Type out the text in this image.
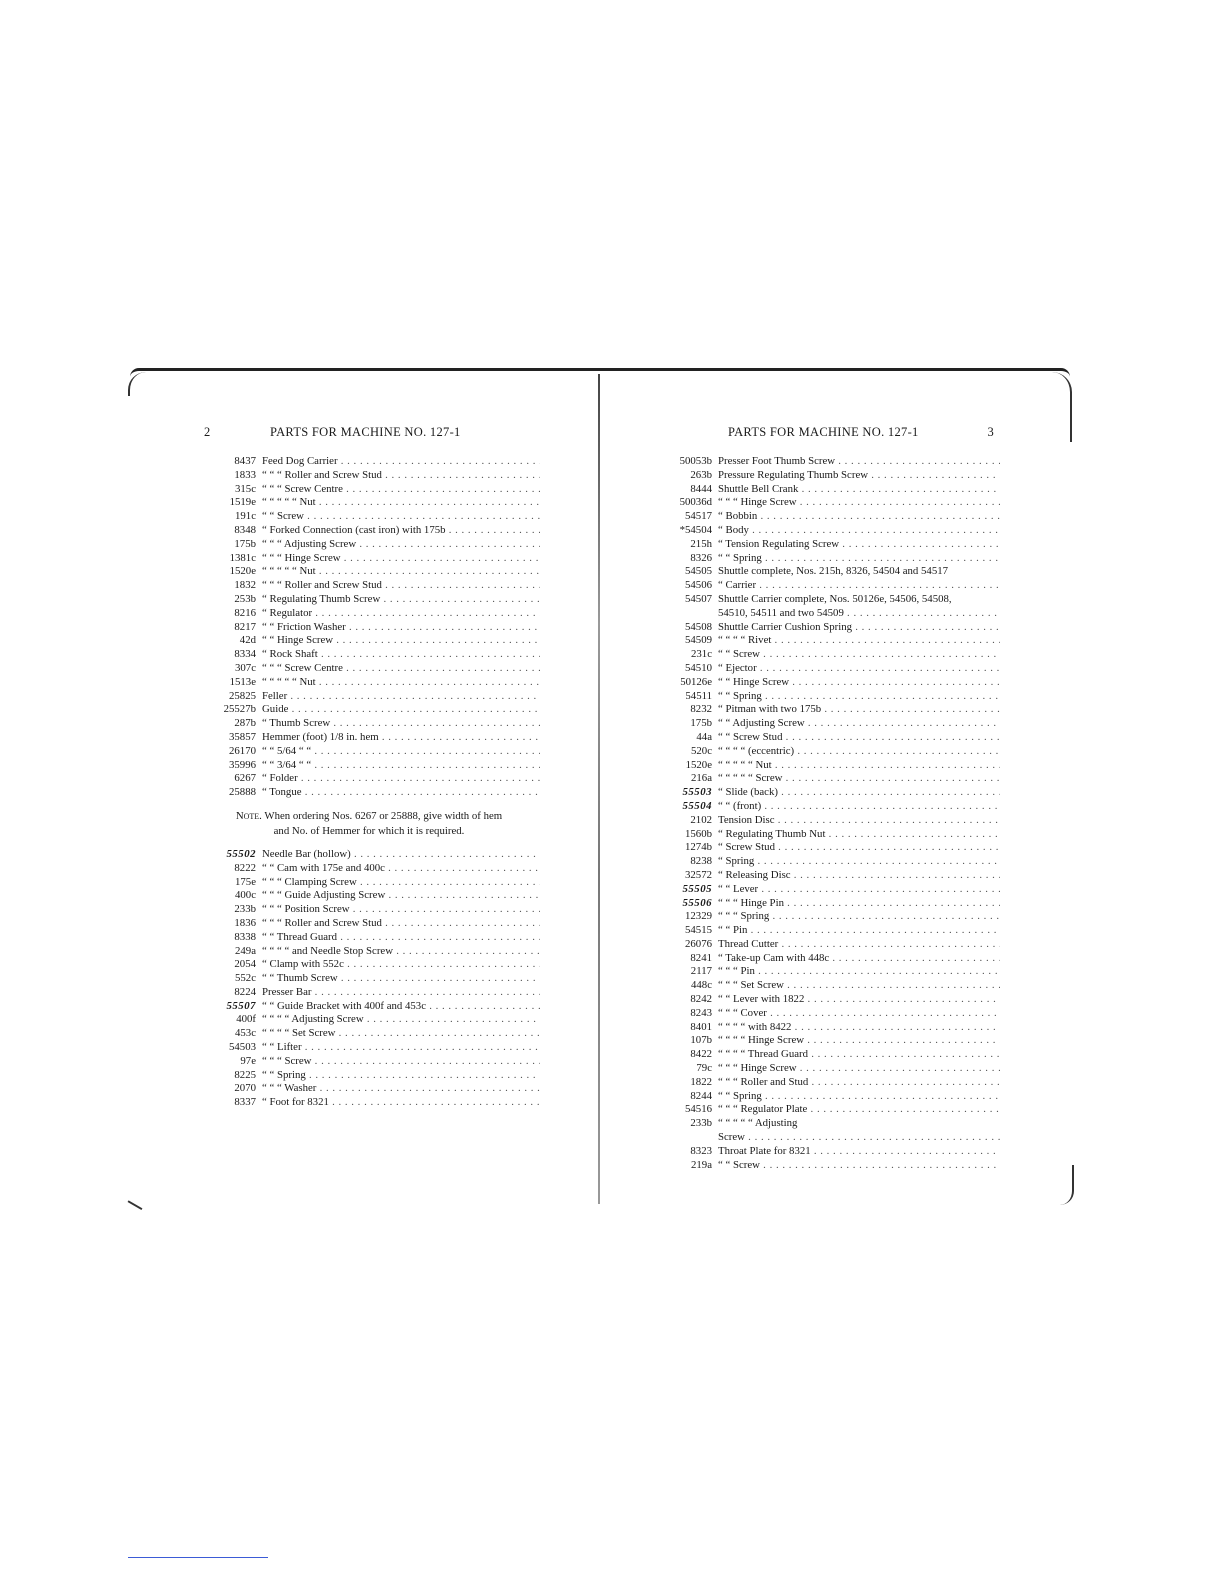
2	PARTS FOR MACHINE NO. 127-1
8437 Feed Dog Carrier . . .
1833 “ “ “ Roller and Screw Stud . . .
315c “ “ “ Screw Centre . . .
1519e “ “ “ “ “ Nut . . .
191c “ “ Screw . . .
8348 “ Forked Connection (cast iron) with 175b . . .
175b “ “ “ Adjusting Screw . . .
1381c “ “ “ Hinge Screw . . .
1520e “ “ “ “ “ Nut . . .
1832 “ “ “ Roller and Screw Stud . . .
253b “ Regulating Thumb Screw . . .
8216 “ Regulator . . .
8217 “ “ Friction Washer . . .
42d “ “ Hinge Screw . . .
8334 “ Rock Shaft . . .
307c “ “ “ Screw Centre . . .
1513e “ “ “ “ “ Nut . . .
25825 Feller . . .
25527b Guide . . .
287b “ Thumb Screw . . .
35857 Hemmer (foot) 1/8 in. hem . . .
26170 “ “ 5/64 “ “ . . .
35996 “ “ 3/64 “ “ . . .
6267 “ Folder . . .
25888 “ Tongue . . .
Note. When ordering Nos. 6267 or 25888, give width of hem and No. of Hemmer for which it is required.
55502 Needle Bar (hollow) . . .
8222 “ “ Cam with 175e and 400c . . .
175e “ “ “ Clamping Screw . . .
400c “ “ “ Guide Adjusting Screw . . .
233b “ “ “ Position Screw . . .
1836 “ “ “ Roller and Screw Stud . . .
8338 “ “ Thread Guard . . .
249a “ “ “ “ and Needle Stop Screw . . .
2054 “ Clamp with 552c . . .
552c “ “ Thumb Screw . . .
8224 Presser Bar . . .
55507 “ “ Guide Bracket with 400f and 453c . . .
400f “ “ “ “ Adjusting Screw . . .
453c “ “ “ “ Set Screw . . .
54503 “ “ Lifter . . .
97e “ “ “ Screw . . .
8225 “ “ Spring . . .
2070 “ “ “ Washer . . .
8337 “ Foot for 8321 . . .
PARTS FOR MACHINE NO. 127-1	3
50053b Presser Foot Thumb Screw . . .
263b Pressure Regulating Thumb Screw . . .
8444 Shuttle Bell Crank . . .
50036d “ “ “ Hinge Screw . . .
54517 “ Bobbin . . .
*54504 “ Body . . .
215h “ Tension Regulating Screw . . .
8326 “ “ Spring . . .
54505 Shuttle complete, Nos. 215h, 8326, 54504 and 54517
54506 “ Carrier . . .
54507 Shuttle Carrier complete, Nos. 50126e, 54506, 54508,
54510, 54511 and two 54509 . . .
54508 Shuttle Carrier Cushion Spring . . .
54509 “ “ “ “ Rivet . . .
231c “ “ Screw . . .
54510 “ Ejector . . .
50126e “ “ Hinge Screw . . .
54511 “ “ Spring . . .
8232 “ Pitman with two 175b . . .
175b “ “ Adjusting Screw . . .
44a “ “ Screw Stud . . .
520c “ “ “ “ (eccentric) . . .
1520e “ “ “ “ “ Nut . . .
216a “ “ “ “ “ Screw . . .
55503 “ Slide (back) . . .
55504 “ “ (front) . . .
2102 Tension Disc . . .
1560b “ Regulating Thumb Nut . . .
1274b “ Screw Stud . . .
8238 “ Spring . . .
32572 “ Releasing Disc . . .
55505 “ “ Lever . . .
55506 “ “ “ Hinge Pin . . .
12329 “ “ “ Spring . . .
54515 “ “ Pin . . .
26076 Thread Cutter . . .
8241 “ Take-up Cam with 448c . . .
2117 “ “ “ Pin . . .
448c “ “ “ Set Screw . . .
8242 “ “ Lever with 1822 . . .
8243 “ “ “ Cover . . .
8401 “ “ “ “ with 8422 . . .
107b “ “ “ “ Hinge Screw . . .
8422 “ “ “ “ Thread Guard . . .
79c “ “ “ Hinge Screw . . .
1822 “ “ “ Roller and Stud . . .
8244 “ “ Spring . . .
54516 “ “ “ Regulator Plate . . .
233b “ “ “ “ “ Adjusting
Screw . . .
8323 Throat Plate for 8321 . . .
219a “ “ Screw . . .
